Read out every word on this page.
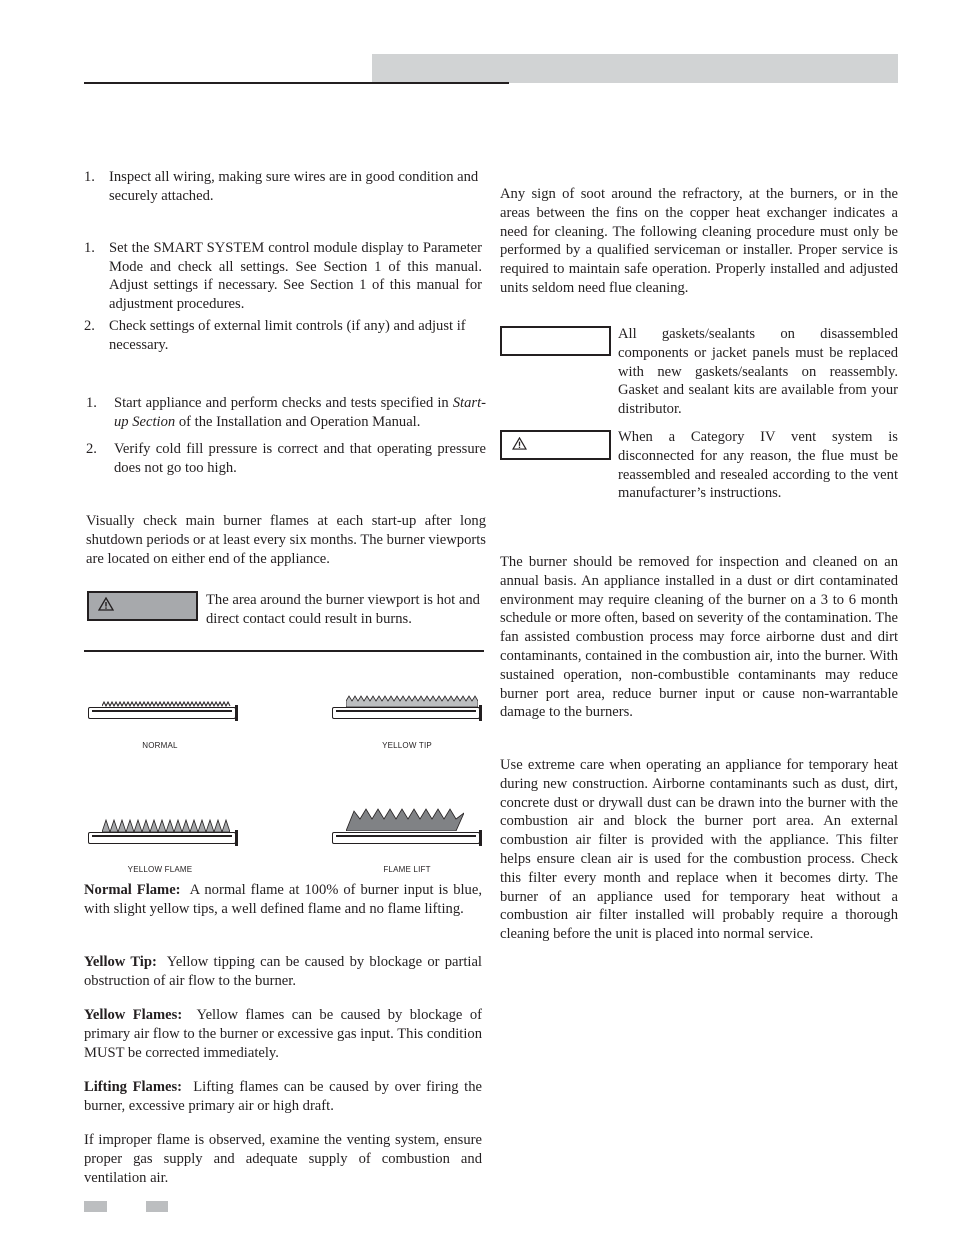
1. Inspect all wiring, making sure wires are in good condition and securely attached.
1. Set the SMART SYSTEM control module display to Parameter Mode and check all settings. See Section 1 of this manual. Adjust settings if necessary. See Section 1 of this manual for adjustment procedures.
2. Check settings of external limit controls (if any) and adjust if necessary.
1. Start appliance and perform checks and tests specified in Start-up Section of the Installation and Operation Manual.
2. Verify cold fill pressure is correct and that operating pressure does not go too high.

Visually check main burner flames at each start-up after long shutdown periods or at least every six months. The burner viewports are located on either end of the appliance.

The area around the burner viewport is hot and direct contact could result in burns.

NORMAL	YELLOW TIP
YELLOW FLAME	FLAME LIFT

Normal Flame: A normal flame at 100% of burner input is blue, with slight yellow tips, a well defined flame and no flame lifting.

Yellow Tip: Yellow tipping can be caused by blockage or partial obstruction of air flow to the burner.

Yellow Flames: Yellow flames can be caused by blockage of primary air flow to the burner or excessive gas input. This condition MUST be corrected immediately.

Lifting Flames: Lifting flames can be caused by over firing the burner, excessive primary air or high draft.

If improper flame is observed, examine the venting system, ensure proper gas supply and adequate supply of combustion and ventilation air.

Any sign of soot around the refractory, at the burners, or in the areas between the fins on the copper heat exchanger indicates a need for cleaning. The following cleaning procedure must only be performed by a qualified serviceman or installer. Proper service is required to maintain safe operation. Properly installed and adjusted units seldom need flue cleaning.

All gaskets/sealants on disassembled components or jacket panels must be replaced with new gaskets/sealants on reassembly. Gasket and sealant kits are available from your distributor.

When a Category IV vent system is disconnected for any reason, the flue must be reassembled and resealed according to the vent manufacturer’s instructions.

The burner should be removed for inspection and cleaned on an annual basis. An appliance installed in a dust or dirt contaminated environment may require cleaning of the burner on a 3 to 6 month schedule or more often, based on severity of the contamination. The fan assisted combustion process may force airborne dust and dirt contaminants, contained in the combustion air, into the burner. With sustained operation, non-combustible contaminants may reduce burner port area, reduce burner input or cause non-warrantable damage to the burners.

Use extreme care when operating an appliance for temporary heat during new construction. Airborne contaminants such as dust, dirt, concrete dust or drywall dust can be drawn into the burner with the combustion air and block the burner port area. An external combustion air filter is provided with the appliance. This filter helps ensure clean air is used for the combustion process. Check this filter every month and replace when it becomes dirty. The burner of an appliance used for temporary heat without a combustion air filter installed will probably require a thorough cleaning before the unit is placed into normal service.
